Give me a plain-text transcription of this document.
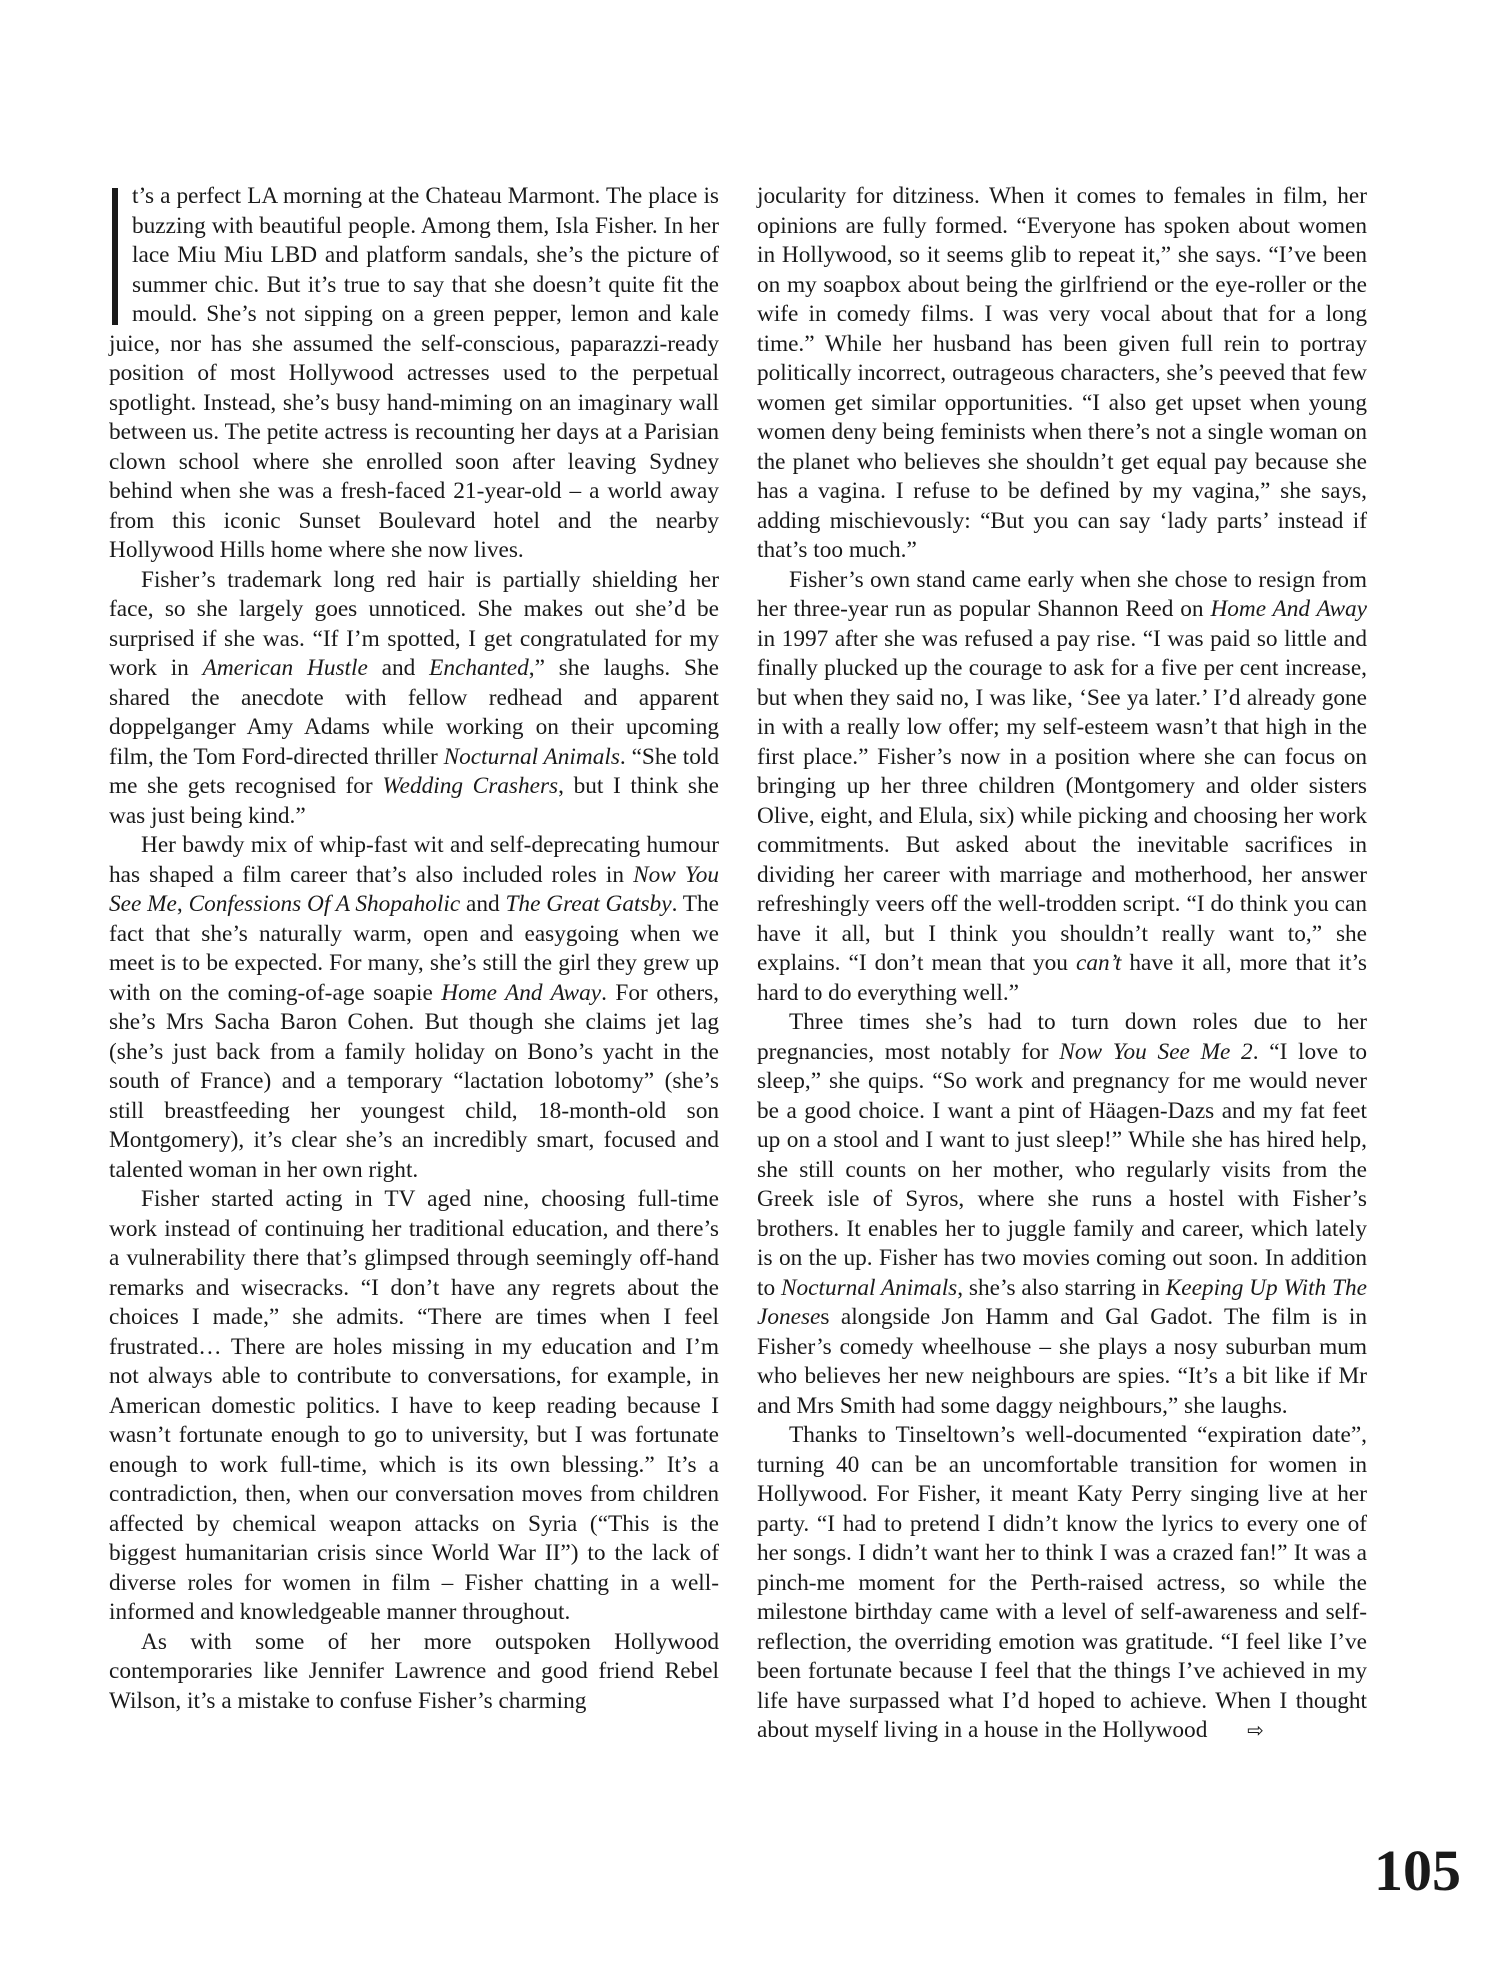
t’s a perfect LA morning at the Chateau Marmont. The place is buzzing with beautiful people. Among them, Isla Fisher. In her lace Miu Miu LBD and platform sandals, she’s the picture of summer chic. But it’s true to say that she doesn’t quite fit the mould. She’s not sipping on a green pepper, lemon and kale juice, nor has she assumed the self-conscious, paparazzi-ready position of most Hollywood actresses used to the perpetual spotlight. Instead, she’s busy hand-miming on an imaginary wall between us. The petite actress is recounting her days at a Parisian clown school where she enrolled soon after leaving Sydney behind when she was a fresh-faced 21-year-old – a world away from this iconic Sunset Boulevard hotel and the nearby Hollywood Hills home where she now lives.

Fisher’s trademark long red hair is partially shielding her face, so she largely goes unnoticed. She makes out she’d be surprised if she was. “If I’m spotted, I get congratulated for my work in American Hustle and Enchanted,” she laughs. She shared the anecdote with fellow redhead and apparent doppelganger Amy Adams while working on their upcoming film, the Tom Ford-directed thriller Nocturnal Animals. “She told me she gets recognised for Wedding Crashers, but I think she was just being kind.”

Her bawdy mix of whip-fast wit and self-deprecating humour has shaped a film career that’s also included roles in Now You See Me, Confessions Of A Shopaholic and The Great Gatsby. The fact that she’s naturally warm, open and easygoing when we meet is to be expected. For many, she’s still the girl they grew up with on the coming-of-age soapie Home And Away. For others, she’s Mrs Sacha Baron Cohen. But though she claims jet lag (she’s just back from a family holiday on Bono’s yacht in the south of France) and a temporary “lactation lobotomy” (she’s still breastfeeding her youngest child, 18-month-old son Montgomery), it’s clear she’s an incredibly smart, focused and talented woman in her own right.

Fisher started acting in TV aged nine, choosing full-time work instead of continuing her traditional education, and there’s a vulnerability there that’s glimpsed through seemingly off-hand remarks and wisecracks. “I don’t have any regrets about the choices I made,” she admits. “There are times when I feel frustrated… There are holes missing in my education and I’m not always able to contribute to conversations, for example, in American domestic politics. I have to keep reading because I wasn’t fortunate enough to go to university, but I was fortunate enough to work full-time, which is its own blessing.” It’s a contradiction, then, when our conversation moves from children affected by chemical weapon attacks on Syria (“This is the biggest humanitarian crisis since World War II”) to the lack of diverse roles for women in film – Fisher chatting in a well-informed and knowledgeable manner throughout.

As with some of her more outspoken Hollywood contemporaries like Jennifer Lawrence and good friend Rebel Wilson, it’s a mistake to confuse Fisher’s charming

jocularity for ditziness. When it comes to females in film, her opinions are fully formed. “Everyone has spoken about women in Hollywood, so it seems glib to repeat it,” she says. “I’ve been on my soapbox about being the girlfriend or the eye-roller or the wife in comedy films. I was very vocal about that for a long time.” While her husband has been given full rein to portray politically incorrect, outrageous characters, she’s peeved that few women get similar opportunities. “I also get upset when young women deny being feminists when there’s not a single woman on the planet who believes she shouldn’t get equal pay because she has a vagina. I refuse to be defined by my vagina,” she says, adding mischievously: “But you can say ‘lady parts’ instead if that’s too much.”

Fisher’s own stand came early when she chose to resign from her three-year run as popular Shannon Reed on Home And Away in 1997 after she was refused a pay rise. “I was paid so little and finally plucked up the courage to ask for a five per cent increase, but when they said no, I was like, ‘See ya later.’ I’d already gone in with a really low offer; my self-esteem wasn’t that high in the first place.” Fisher’s now in a position where she can focus on bringing up her three children (Montgomery and older sisters Olive, eight, and Elula, six) while picking and choosing her work commitments. But asked about the inevitable sacrifices in dividing her career with marriage and motherhood, her answer refreshingly veers off the well-trodden script. “I do think you can have it all, but I think you shouldn’t really want to,” she explains. “I don’t mean that you can’t have it all, more that it’s hard to do everything well.”

Three times she’s had to turn down roles due to her pregnancies, most notably for Now You See Me 2. “I love to sleep,” she quips. “So work and pregnancy for me would never be a good choice. I want a pint of Häagen-Dazs and my fat feet up on a stool and I want to just sleep!” While she has hired help, she still counts on her mother, who regularly visits from the Greek isle of Syros, where she runs a hostel with Fisher’s brothers. It enables her to juggle family and career, which lately is on the up. Fisher has two movies coming out soon. In addition to Nocturnal Animals, she’s also starring in Keeping Up With The Joneses alongside Jon Hamm and Gal Gadot. The film is in Fisher’s comedy wheelhouse – she plays a nosy suburban mum who believes her new neighbours are spies. “It’s a bit like if Mr and Mrs Smith had some daggy neighbours,” she laughs.

Thanks to Tinseltown’s well-documented “expiration date”, turning 40 can be an uncomfortable transition for women in Hollywood. For Fisher, it meant Katy Perry singing live at her party. “I had to pretend I didn’t know the lyrics to every one of her songs. I didn’t want her to think I was a crazed fan!” It was a pinch-me moment for the Perth-raised actress, so while the milestone birthday came with a level of self-awareness and self-reflection, the overriding emotion was gratitude. “I feel like I’ve been fortunate because I feel that the things I’ve achieved in my life have surpassed what I’d hoped to achieve. When I thought about myself living in a house in the Hollywood ⇨

105
